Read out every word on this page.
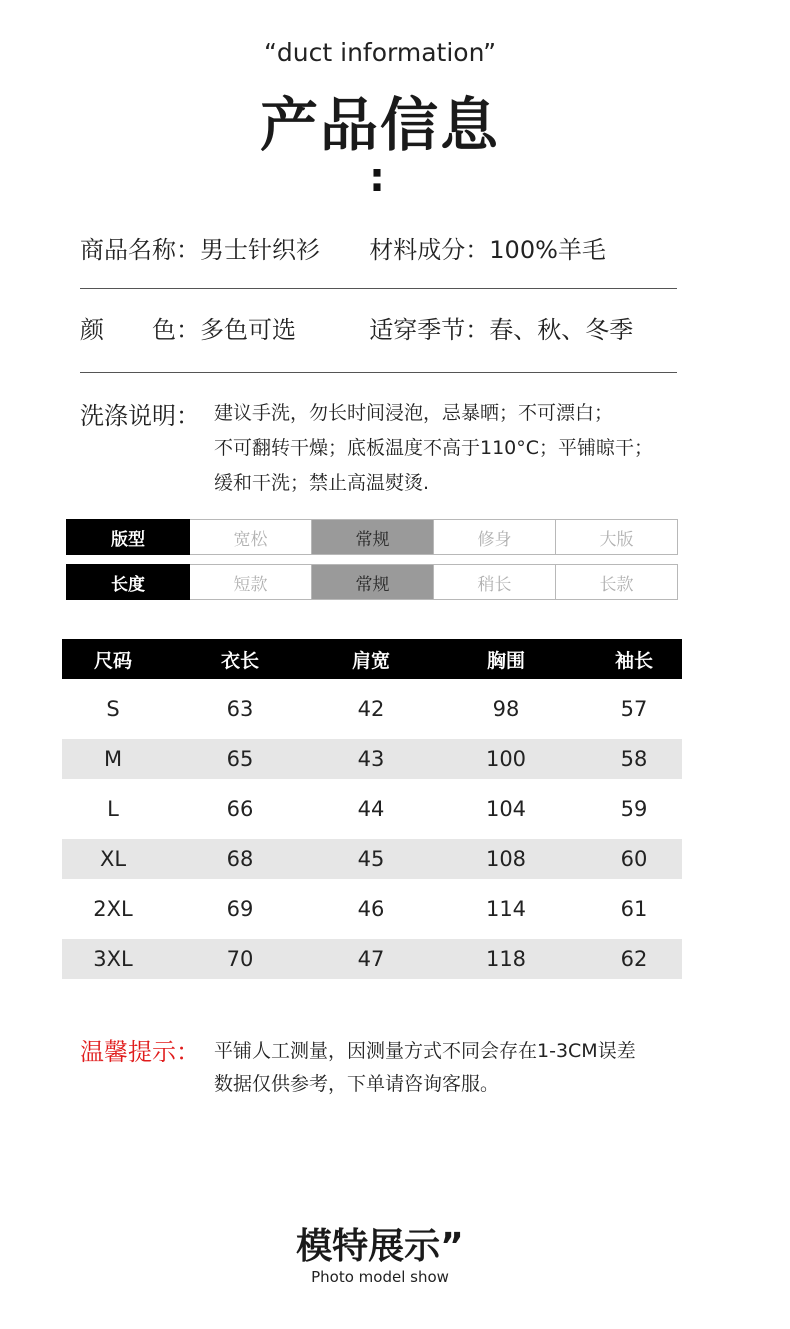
“duct information”
产品信息
:
商品名称：男士针织衫 材料成分：100%羊毛
颜　　色：多色可选	适穿季节：春、秋、冬季
洗涤说明： 建议手洗，勿长时间浸泡，忌暴晒；不可漂白；
不可翻转干燥；底板温度不高于110°C；平铺晾干；
缓和干洗；禁止高温熨烫.
版型	宽松	常规	修身	大版
长度	短款	常规	稍长	长款
尺码	衣长	肩宽	胸围	袖长
S	63	42	98	57
M	65	43	100	58
L	66	44	104	59
XL	68	45	108	60
2XL	69	46	114	61
3XL	70	47	118	62
温馨提示： 平铺人工测量，因测量方式不同会存在1-3CM误差
数据仅供参考，下单请咨询客服。
模特展示”
Photo model show
